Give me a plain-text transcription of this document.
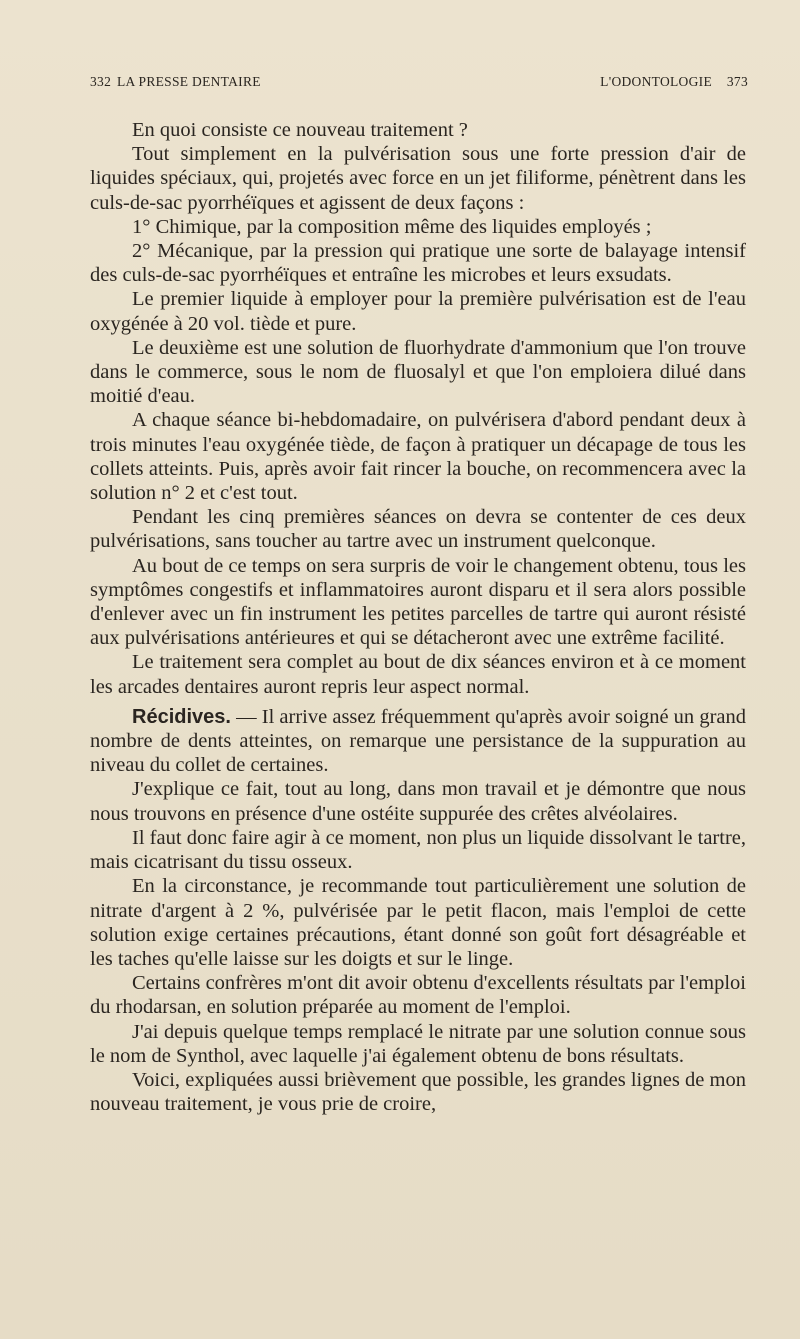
332 LA PRESSE DENTAIRE	L'ODONTOLOGIE 373

En quoi consiste ce nouveau traitement ?

Tout simplement en la pulvérisation sous une forte pression d'air de liquides spéciaux, qui, projetés avec force en un jet filiforme, pénètrent dans les culs-de-sac pyorrhéïques et agissent de deux façons :

1° Chimique, par la composition même des liquides employés ;

2° Mécanique, par la pression qui pratique une sorte de balayage intensif des culs-de-sac pyorrhéïques et entraîne les microbes et leurs exsudats.

Le premier liquide à employer pour la première pulvérisation est de l'eau oxygénée à 20 vol. tiède et pure.

Le deuxième est une solution de fluorhydrate d'ammonium que l'on trouve dans le commerce, sous le nom de fluosalyl et que l'on emploiera dilué dans moitié d'eau.

A chaque séance bi-hebdomadaire, on pulvérisera d'abord pendant deux à trois minutes l'eau oxygénée tiède, de façon à pratiquer un décapage de tous les collets atteints. Puis, après avoir fait rincer la bouche, on recommencera avec la solution n° 2 et c'est tout.

Pendant les cinq premières séances on devra se contenter de ces deux pulvérisations, sans toucher au tartre avec un instrument quelconque.

Au bout de ce temps on sera surpris de voir le changement obtenu, tous les symptômes congestifs et inflammatoires auront disparu et il sera alors possible d'enlever avec un fin instrument les petites parcelles de tartre qui auront résisté aux pulvérisations antérieures et qui se détacheront avec une extrême facilité.

Le traitement sera complet au bout de dix séances environ et à ce moment les arcades dentaires auront repris leur aspect normal.

Récidives. — Il arrive assez fréquemment qu'après avoir soigné un grand nombre de dents atteintes, on remarque une persistance de la suppuration au niveau du collet de certaines.

J'explique ce fait, tout au long, dans mon travail et je démontre que nous nous trouvons en présence d'une ostéite suppurée des crêtes alvéolaires.

Il faut donc faire agir à ce moment, non plus un liquide dissolvant le tartre, mais cicatrisant du tissu osseux.

En la circonstance, je recommande tout particulièrement une solution de nitrate d'argent à 2 %, pulvérisée par le petit flacon, mais l'emploi de cette solution exige certaines précautions, étant donné son goût fort désagréable et les taches qu'elle laisse sur les doigts et sur le linge.

Certains confrères m'ont dit avoir obtenu d'excellents résultats par l'emploi du rhodarsan, en solution préparée au moment de l'emploi.

J'ai depuis quelque temps remplacé le nitrate par une solution connue sous le nom de Synthol, avec laquelle j'ai également obtenu de bons résultats.

Voici, expliquées aussi brièvement que possible, les grandes lignes de mon nouveau traitement, je vous prie de croire,
